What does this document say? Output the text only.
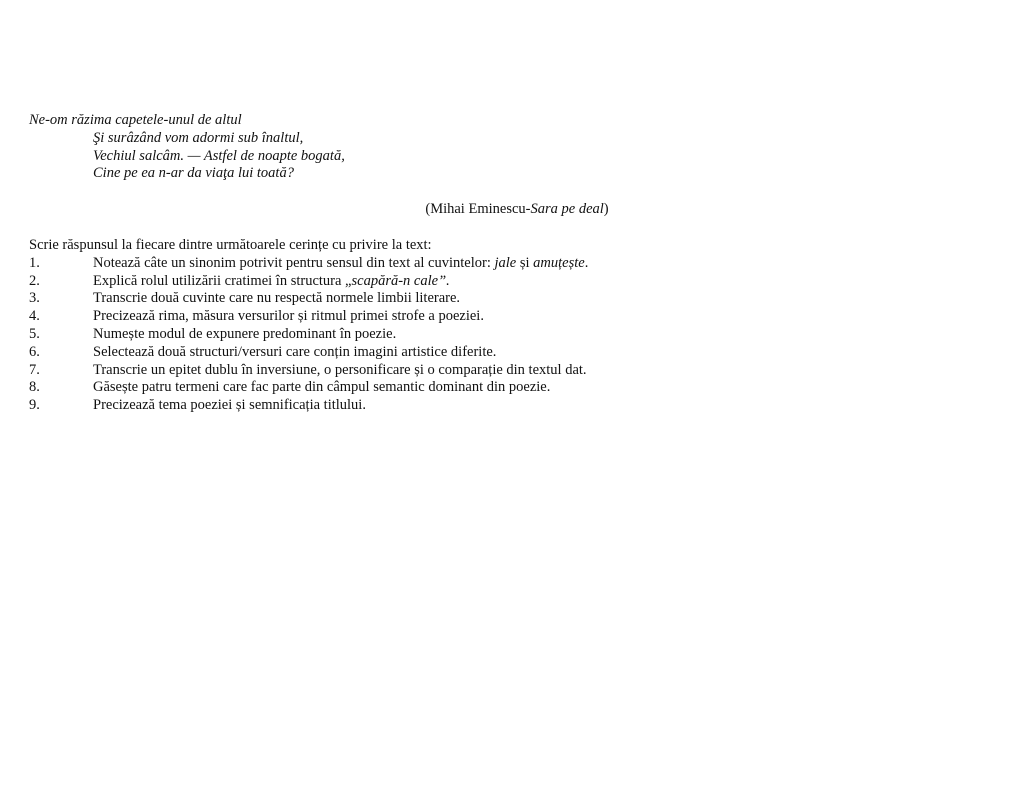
Ne-om răzima capetele-unul de altul
Şi surâzând vom adormi sub înaltul,
Vechiul salcâm. — Astfel de noapte bogată,
Cine pe ea n-ar da viaţa lui toată?
(Mihai Eminescu-Sara pe deal)
Scrie răspunsul la fiecare dintre următoarele cerințe cu privire la text:
1.	Notează câte un sinonim potrivit pentru sensul din text al cuvintelor: jale și amuțește.
2.	Explică rolul utilizării cratimei în structura „scapără-n cale”.
3.	Transcrie două cuvinte care nu respectă normele limbii literare.
4.	Precizează rima, măsura versurilor și ritmul primei strofe a poeziei.
5.	Numește modul de expunere predominant în poezie.
6.	Selectează două structuri/versuri care conțin imagini artistice diferite.
7.	Transcrie un epitet dublu în inversiune, o personificare și o comparație din textul dat.
8.	Găsește patru termeni care fac parte din câmpul semantic dominant din poezie.
9.	Precizează tema poeziei și semnificația titlului.
